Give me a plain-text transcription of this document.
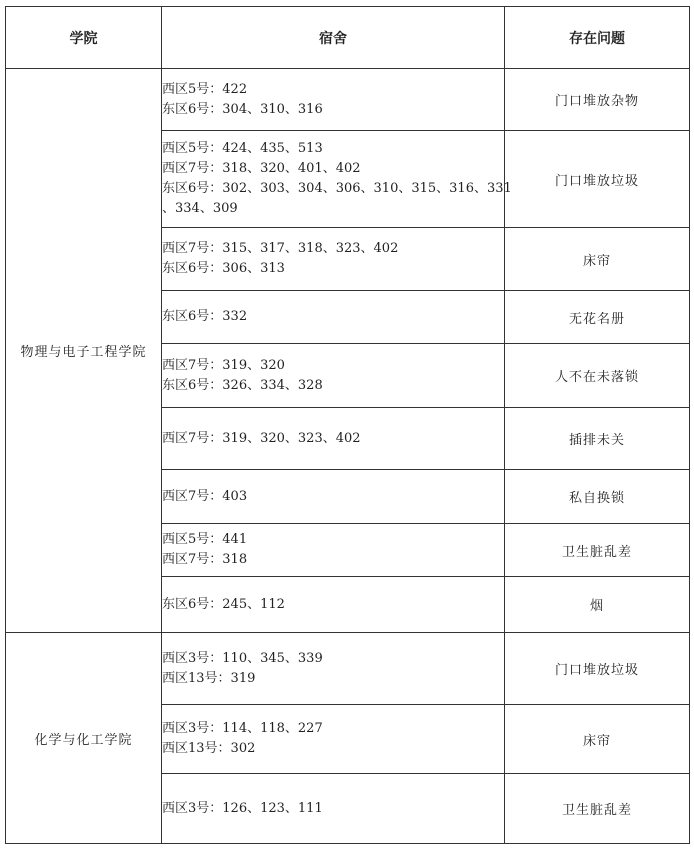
学院	宿舍	存在问题
物理与电子工程学院	西区5号：422
东区6号：304、310、316	门口堆放杂物

	西区5号：424、435、513
西区7号：318、320、401、402
东区6号：302、303、304、306、310、315、316、331
、334、309	门口堆放垃圾

	西区7号：315、317、318、323、402
东区6号：306、313	床帘

	东区6号：332	无花名册

	西区7号：319、320
东区6号：326、334、328	人不在未落锁

	西区7号：319、320、323、402	插排未关

	西区7号：403	私自换锁

	西区5号：441
西区7号：318	卫生脏乱差

	东区6号：245、112	烟
化学与化工学院	西区3号：110、345、339
西区13号：319	门口堆放垃圾

	西区3号：114、118、227
西区13号：302	床帘

	西区3号：126、123、111	卫生脏乱差
